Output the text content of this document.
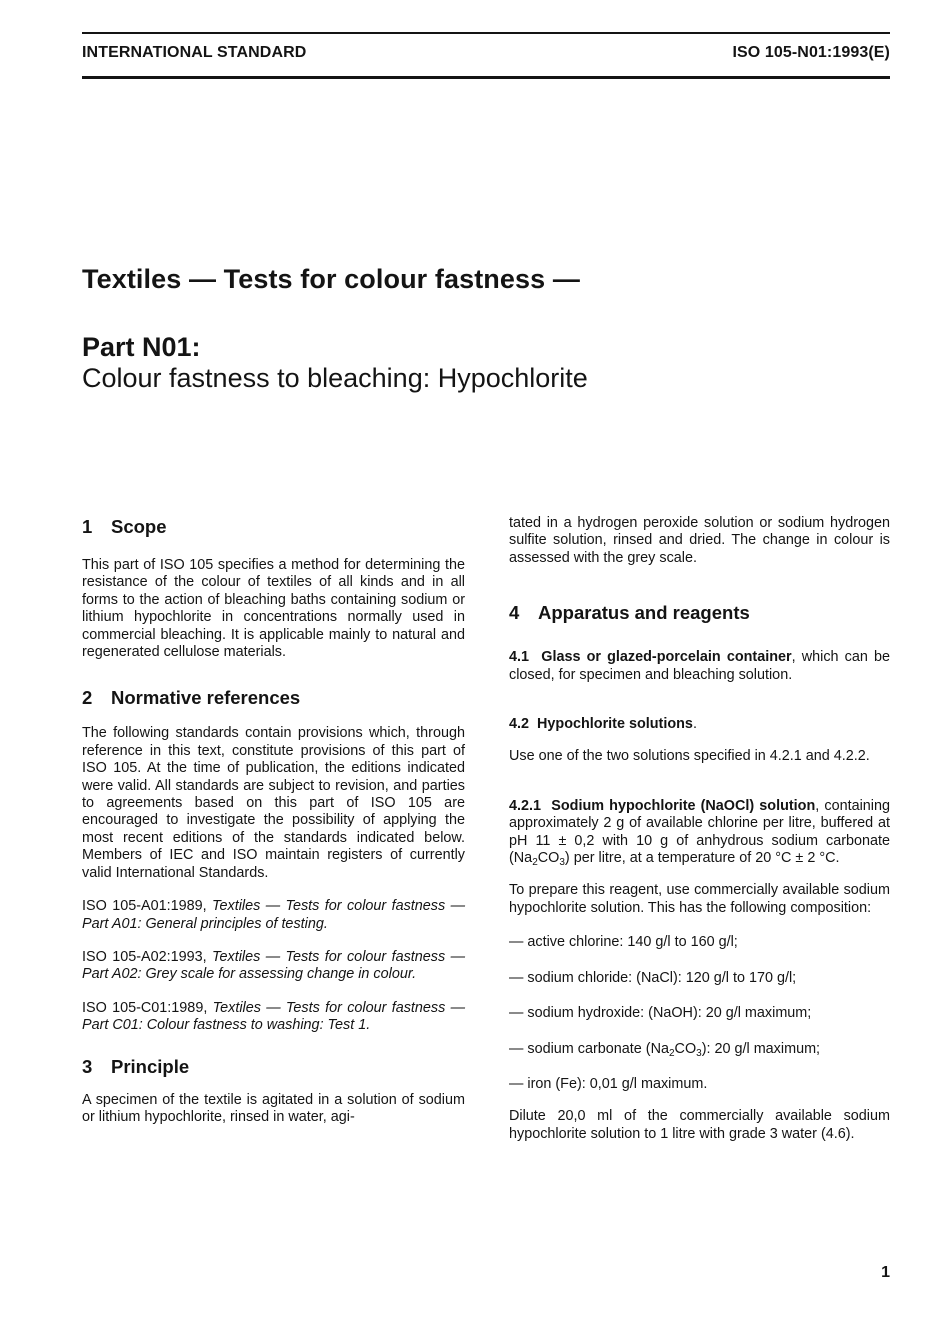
INTERNATIONAL STANDARD	ISO 105-N01:1993(E)
Textiles — Tests for colour fastness —
Part N01:
Colour fastness to bleaching: Hypochlorite
1 Scope

This part of ISO 105 specifies a method for determining the resistance of the colour of textiles of all kinds and in all forms to the action of bleaching baths containing sodium or lithium hypochlorite in concentrations normally used in commercial bleaching. It is applicable mainly to natural and regenerated cellulose materials.

2 Normative references

The following standards contain provisions which, through reference in this text, constitute provisions of this part of ISO 105. At the time of publication, the editions indicated were valid. All standards are subject to revision, and parties to agreements based on this part of ISO 105 are encouraged to investigate the possibility of applying the most recent editions of the standards indicated below. Members of IEC and ISO maintain registers of currently valid International Standards.

ISO 105-A01:1989, Textiles — Tests for colour fastness — Part A01: General principles of testing.

ISO 105-A02:1993, Textiles — Tests for colour fastness — Part A02: Grey scale for assessing change in colour.

ISO 105-C01:1989, Textiles — Tests for colour fastness — Part C01: Colour fastness to washing: Test 1.

3 Principle

A specimen of the textile is agitated in a solution of sodium or lithium hypochlorite, rinsed in water, agi-

tated in a hydrogen peroxide solution or sodium hydrogen sulfite solution, rinsed and dried. The change in colour is assessed with the grey scale.

4 Apparatus and reagents

4.1 Glass or glazed-porcelain container, which can be closed, for specimen and bleaching solution.

4.2 Hypochlorite solutions.

Use one of the two solutions specified in 4.2.1 and 4.2.2.

4.2.1 Sodium hypochlorite (NaOCl) solution, containing approximately 2 g of available chlorine per litre, buffered at pH 11 ± 0,2 with 10 g of anhydrous sodium carbonate $(Na_2CO_3)$ per litre, at a temperature of 20 °C ± 2 °C.

To prepare this reagent, use commercially available sodium hypochlorite solution. This has the following composition:

— active chlorine: 140 g/l to 160 g/l;

— sodium chloride: (NaCl): 120 g/l to 170 g/l;

— sodium hydroxide: (NaOH): 20 g/l maximum;

— sodium carbonate $(Na_2CO_3)$: 20 g/l maximum;

— iron (Fe): 0,01 g/l maximum.

Dilute 20,0 ml of the commercially available sodium hypochlorite solution to 1 litre with grade 3 water (4.6).

1
